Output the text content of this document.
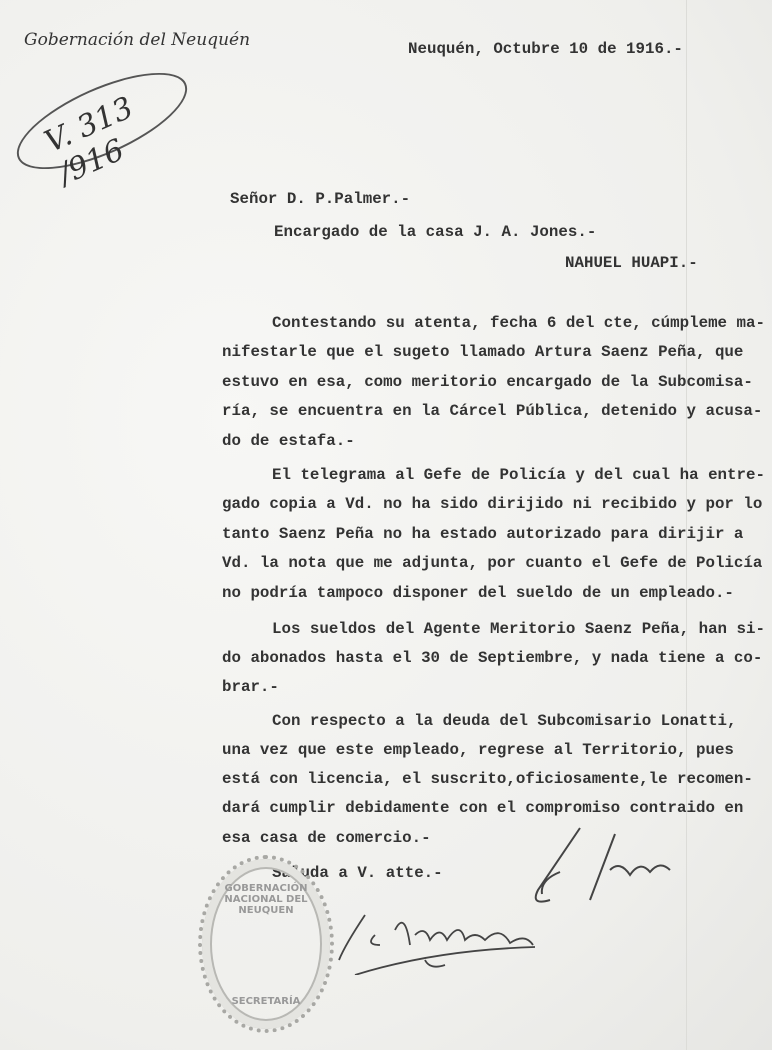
Gobernación del Neuquén	Neuquén, Octubre 10 de 1916.-
V. 313 /916
Señor D. P.Palmer.-
Encargado de la casa J. A. Jones.-
NAHUEL HUAPI.-
Contestando su atenta, fecha 6 del cte, cúmpleme ma-
nifestarle que el sugeto llamado Artura Saenz Peña, que
estuvo en esa, como meritorio encargado de la Subcomisa-
ría, se encuentra en la Cárcel Pública, detenido y acusa-
do de estafa.-
El telegrama al Gefe de Policía y del cual ha entre-
gado copia a Vd. no ha sido dirijido ni recibido y por lo
tanto Saenz Peña no ha estado autorizado para dirijir a
Vd. la nota que me adjunta, por cuanto el Gefe de Policía
no podría tampoco disponer del sueldo de un empleado.-
Los sueldos del Agente Meritorio Saenz Peña, han si-
do abonados hasta el 30 de Septiembre, y nada tiene a co-
brar.-
Con respecto a la deuda del Subcomisario Lonatti,
una vez que este empleado, regrese al Territorio, pues
está con licencia, el suscrito,oficiosamente,le recomen-
dará cumplir debidamente con el compromiso contraido en
esa casa de comercio.-
Saluda a V. atte.-
GOBERNACIÓN NACIONAL DEL NEUQUEN
SECRETARÍA
